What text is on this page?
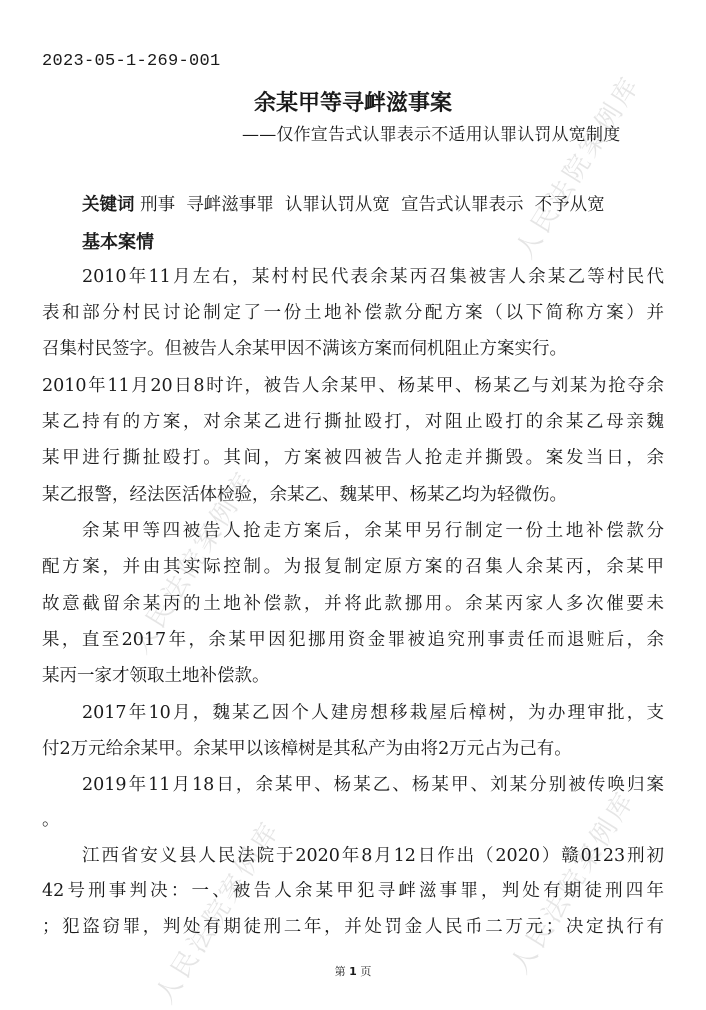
人民法院案例库
人民法院案例库
人民法院案例库
人民法院案例库
2023-05-1-269-001
余某甲等寻衅滋事案
——仅作宣告式认罪表示不适用认罪认罚从宽制度
关键词 刑事  寻衅滋事罪  认罪认罚从宽  宣告式认罪表示  不予从宽
基本案情
2010年11月左右，某村村民代表余某丙召集被害人余某乙等村民代
表和部分村民讨论制定了一份土地补偿款分配方案（以下简称方案）并
召集村民签字。但被告人余某甲因不满该方案而伺机阻止方案实行。
2010年11月20日8时许，被告人余某甲、杨某甲、杨某乙与刘某为抢夺余
某乙持有的方案，对余某乙进行撕扯殴打，对阻止殴打的余某乙母亲魏
某甲进行撕扯殴打。其间，方案被四被告人抢走并撕毁。案发当日，余
某乙报警，经法医活体检验，余某乙、魏某甲、杨某乙均为轻微伤。
余某甲等四被告人抢走方案后，余某甲另行制定一份土地补偿款分
配方案，并由其实际控制。为报复制定原方案的召集人余某丙，余某甲
故意截留余某丙的土地补偿款，并将此款挪用。余某丙家人多次催要未
果，直至2017年，余某甲因犯挪用资金罪被追究刑事责任而退赃后，余
某丙一家才领取土地补偿款。
2017年10月，魏某乙因个人建房想移栽屋后樟树，为办理审批，支
付2万元给余某甲。余某甲以该樟树是其私产为由将2万元占为己有。
2019年11月18日，余某甲、杨某乙、杨某甲、刘某分别被传唤归案
。
江西省安义县人民法院于2020年8月12日作出（2020）赣0123刑初
42号刑事判决：一、被告人余某甲犯寻衅滋事罪，判处有期徒刑四年
；犯盗窃罪，判处有期徒刑二年，并处罚金人民币二万元；决定执行有
第 1 页
